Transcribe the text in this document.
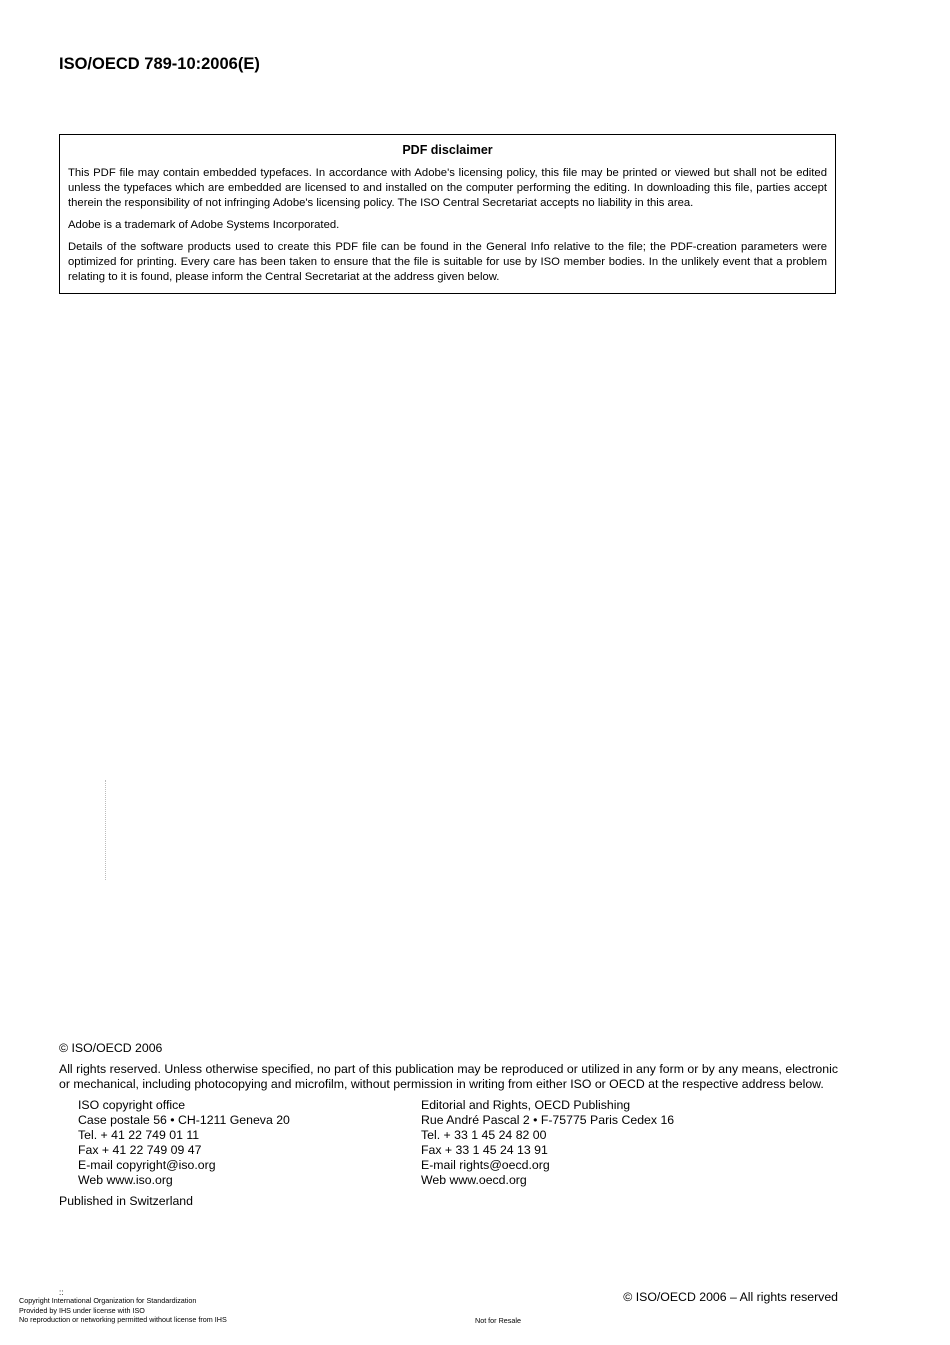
ISO/OECD 789-10:2006(E)

PDF disclaimer

This PDF file may contain embedded typefaces. In accordance with Adobe's licensing policy, this file may be printed or viewed but shall not be edited unless the typefaces which are embedded are licensed to and installed on the computer performing the editing. In downloading this file, parties accept therein the responsibility of not infringing Adobe's licensing policy. The ISO Central Secretariat accepts no liability in this area.

Adobe is a trademark of Adobe Systems Incorporated.

Details of the software products used to create this PDF file can be found in the General Info relative to the file; the PDF-creation parameters were optimized for printing. Every care has been taken to ensure that the file is suitable for use by ISO member bodies. In the unlikely event that a problem relating to it is found, please inform the Central Secretariat at the address given below.

© ISO/OECD 2006
All rights reserved. Unless otherwise specified, no part of this publication may be reproduced or utilized in any form or by any means, electronic or mechanical, including photocopying and microfilm, without permission in writing from either ISO or OECD at the respective address below.
ISO copyright office
Case postale 56 • CH-1211 Geneva 20
Tel. + 41 22 749 01 11
Fax + 41 22 749 09 47
E-mail copyright@iso.org
Web www.iso.org
Editorial and Rights, OECD Publishing
Rue André Pascal 2 • F-75775 Paris Cedex 16
Tel. + 33 1 45 24 82 00
Fax + 33 1 45 24 13 91
E-mail rights@oecd.org
Web www.oecd.org
Published in Switzerland
::
Copyright International Organization for Standardization
Provided by IHS under license with ISO
No reproduction or networking permitted without license from IHS
© ISO/OECD 2006 – All rights reserved
Not for Resale
